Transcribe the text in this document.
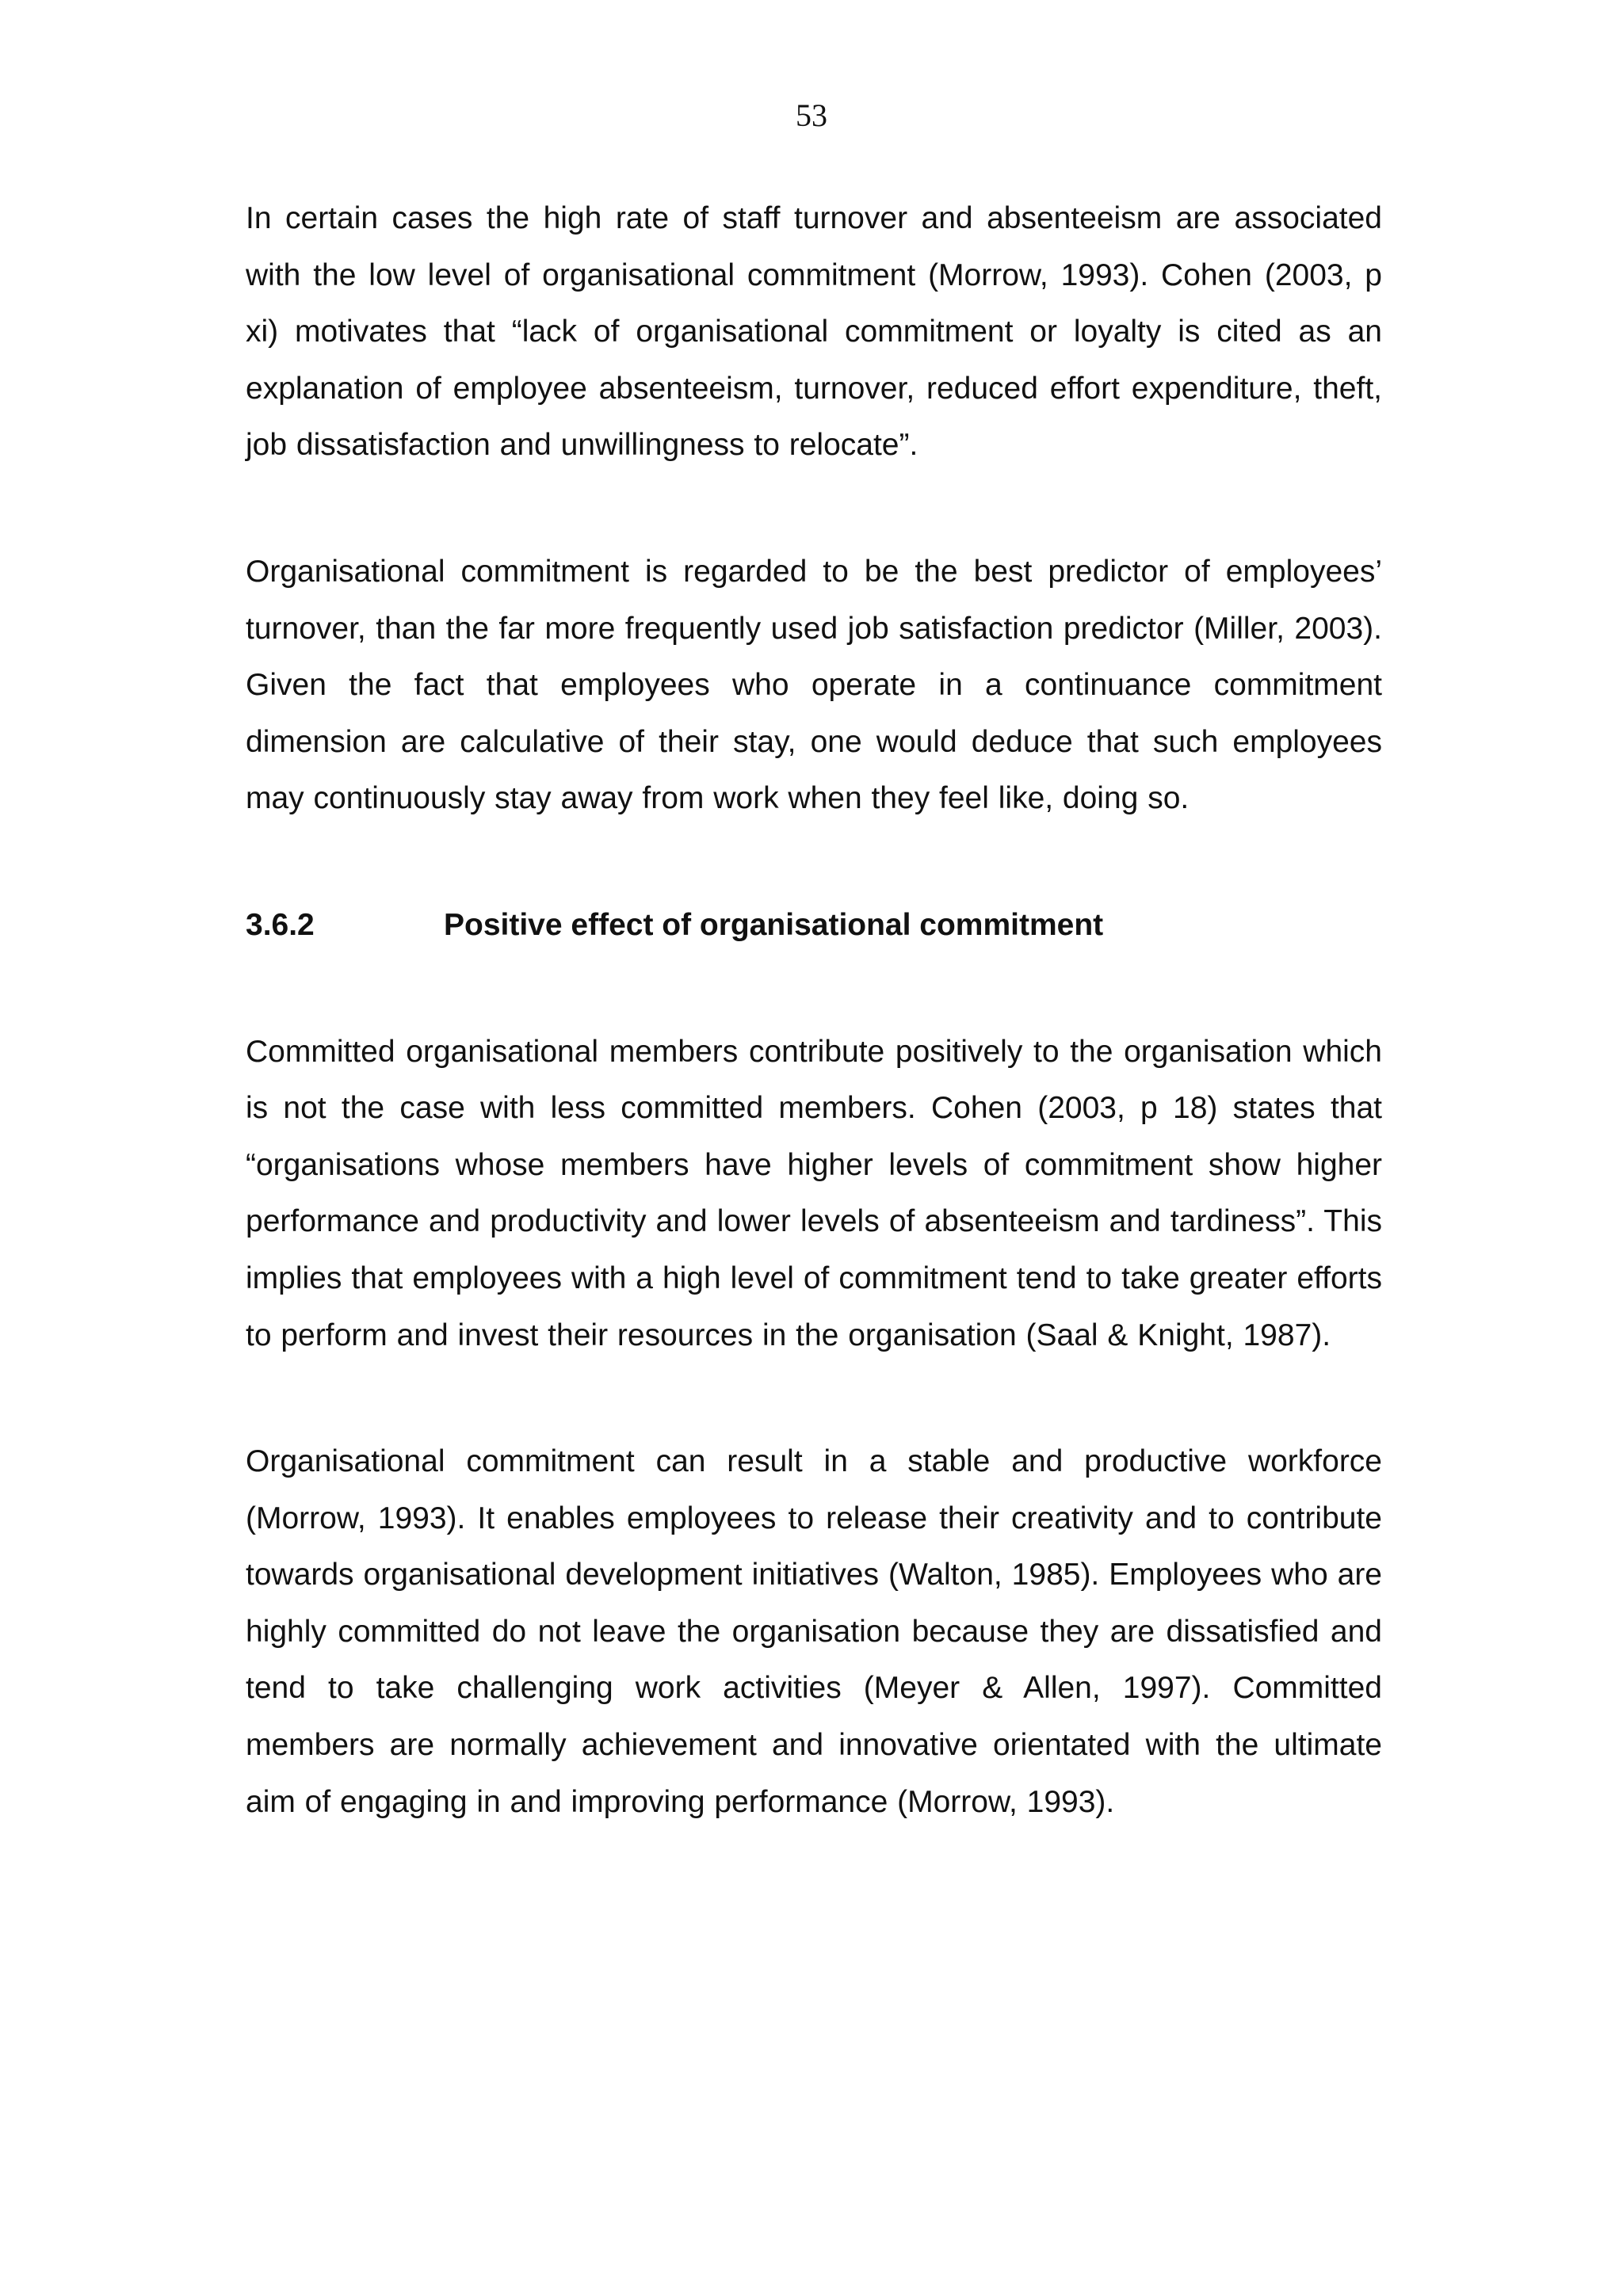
53

In certain cases the high rate of staff turnover and absenteeism are associated with the low level of organisational commitment (Morrow, 1993). Cohen (2003, p xi) motivates that “lack of organisational commitment or loyalty is cited as an explanation of employee absenteeism, turnover, reduced effort expenditure, theft, job dissatisfaction and unwillingness to relocate”.

Organisational commitment is regarded to be the best predictor of employees’ turnover, than the far more frequently used job satisfaction predictor (Miller, 2003). Given the fact that employees who operate in a continuance commitment dimension are calculative of their stay, one would deduce that such employees may continuously stay away from work when they feel like, doing so.

3.6.2	Positive effect of organisational commitment

Committed organisational members contribute positively to the organisation which is not the case with less committed members. Cohen (2003, p 18) states that “organisations whose members have higher levels of commitment show higher performance and productivity and lower levels of absenteeism and tardiness”. This implies that employees with a high level of commitment tend to take greater efforts to perform and invest their resources in the organisation (Saal & Knight, 1987).

Organisational commitment can result in a stable and productive workforce (Morrow, 1993). It enables employees to release their creativity and to contribute towards organisational development initiatives (Walton, 1985). Employees who are highly committed do not leave the organisation because they are dissatisfied and tend to take challenging work activities (Meyer & Allen, 1997). Committed members are normally achievement and innovative orientated with the ultimate aim of engaging in and improving performance (Morrow, 1993).
